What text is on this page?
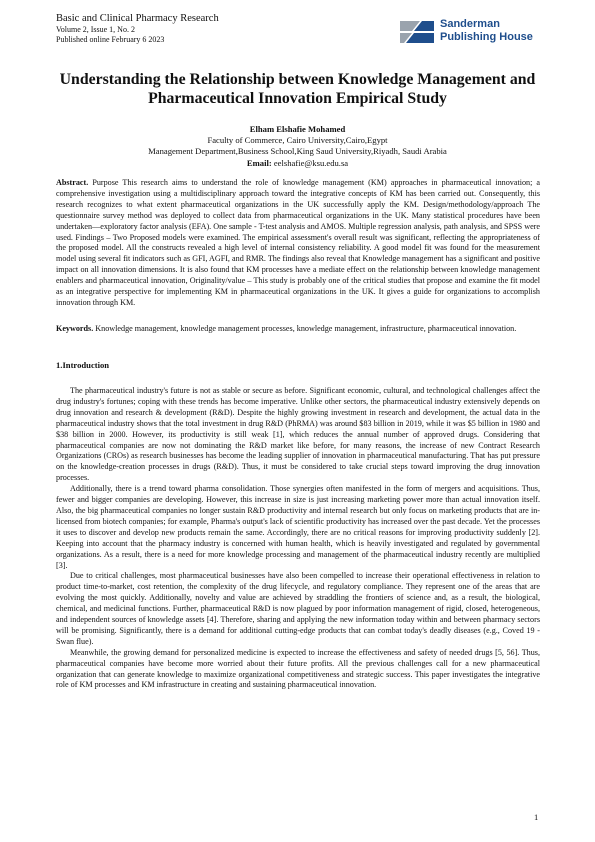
Basic and Clinical Pharmacy Research
Volume 2, Issue 1, No. 2
Published online February 6 2023
Sanderman
Publishing House
Understanding the Relationship between Knowledge Management and
Pharmaceutical Innovation Empirical Study
Elham Elshafie Mohamed
Faculty of Commerce, Cairo University,Cairo,Egypt
Management Department,Business School,King Saud University,Riyadh, Saudi Arabia
Email: eelshafie@ksu.edu.sa
Abstract. Purpose This research aims to understand the role of knowledge management (KM) approaches in pharmaceutical innovation; a comprehensive investigation using a multidisciplinary approach toward the integrative concepts of KM has been carried out. Consequently, this research recognizes to what extent pharmaceutical organizations in the UK successfully apply the KM. Design/methodology/approach The questionnaire survey method was deployed to collect data from pharmaceutical organizations in the UK. Many statistical procedures have been undertaken—exploratory factor analysis (EFA). One sample - T-test analysis and AMOS. Multiple regression analysis, path analysis, and SPSS were used. Findings – Two Proposed models were examined. The empirical assessment's overall result was significant, reflecting the appropriateness of the proposed model. All the constructs revealed a high level of internal consistency reliability. A good model fit was found for the measurement model using several fit indicators such as GFI, AGFI, and RMR. The findings also reveal that Knowledge management has a significant and positive impact on all innovation dimensions. It is also found that KM processes have a mediate effect on the relationship between knowledge management enablers and pharmaceutical innovation, Originality/value – This study is probably one of the critical studies that propose and examine the fit model as an integrative perspective for implementing KM in pharmaceutical organizations in the UK. It gives a guide for organizations to accomplish innovation through KM.
Keywords. Knowledge management, knowledge management processes, knowledge management, infrastructure, pharmaceutical innovation.
1.Introduction

The pharmaceutical industry's future is not as stable or secure as before. Significant economic, cultural, and technological challenges affect the drug industry's fortunes; coping with these trends has become imperative. Unlike other sectors, the pharmaceutical industry extensively depends on drug innovation and research & development (R&D). Despite the highly growing investment in research and development, the actual data in the pharmaceutical industry shows that the total investment in drug R&D (PhRMA) was around $83 billion in 2019, while it was $5 billion in 1980 and $38 billion in 2000. However, its productivity is still weak [1], which reduces the annual number of approved drugs. Considering that pharmaceutical companies are now not dominating the R&D market like before, for many reasons, the increase of new Contract Research Organizations (CROs) as research businesses has become the leading supplier of innovation in pharmaceutical manufacturing. That has put pressure on the knowledge-creation processes in drugs (R&D). Thus, it must be considered to take crucial steps toward improving the drug innovation processes.

Additionally, there is a trend toward pharma consolidation. Those synergies often manifested in the form of mergers and acquisitions. Thus, fewer and bigger companies are developing. However, this increase in size is just increasing marketing power more than actual innovation itself. Also, the big pharmaceutical companies no longer sustain R&D productivity and internal research but only focus on marketing products that are in- licensed from biotech companies; for example, Pharma's output's lack of scientific productivity has increased over the past decade. Yet the processes it uses to discover and develop new products remain the same. Accordingly, there are no critical reasons for improving productivity suddenly [2]. Keeping into account that the pharmacy industry is concerned with human health, which is heavily investigated and regulated by governmental organizations. As a result, there is a need for more knowledge processing and management of the pharmaceutical industry recently are multiplied [3].

Due to critical challenges, most pharmaceutical businesses have also been compelled to increase their operational effectiveness in relation to product time-to-market, cost retention, the complexity of the drug lifecycle, and regulatory compliance. They represent one of the areas that are evolving the most quickly. Additionally, novelty and value are achieved by straddling the frontiers of science and, as a result, the biological, chemical, and medicinal functions. Further, pharmaceutical R&D is now plagued by poor information management of rigid, closed, heterogeneous, and independent sources of knowledge assets [4]. Therefore, sharing and applying the new information today within and between pharmacy sectors will be promising. Significantly, there is a demand for additional cutting-edge products that can combat today's deadly diseases (e.g., Coved 19 - Swan flue).

Meanwhile, the growing demand for personalized medicine is expected to increase the effectiveness and safety of needed drugs [5, 56]. Thus, pharmaceutical companies have become more worried about their future profits. All the previous challenges call for a new pharmaceutical organization that can generate knowledge to maximize organizational competitiveness and strategic success. This paper investigates the integrative role of KM processes and KM infrastructure in creating and sustaining pharmaceutical innovation.

1
